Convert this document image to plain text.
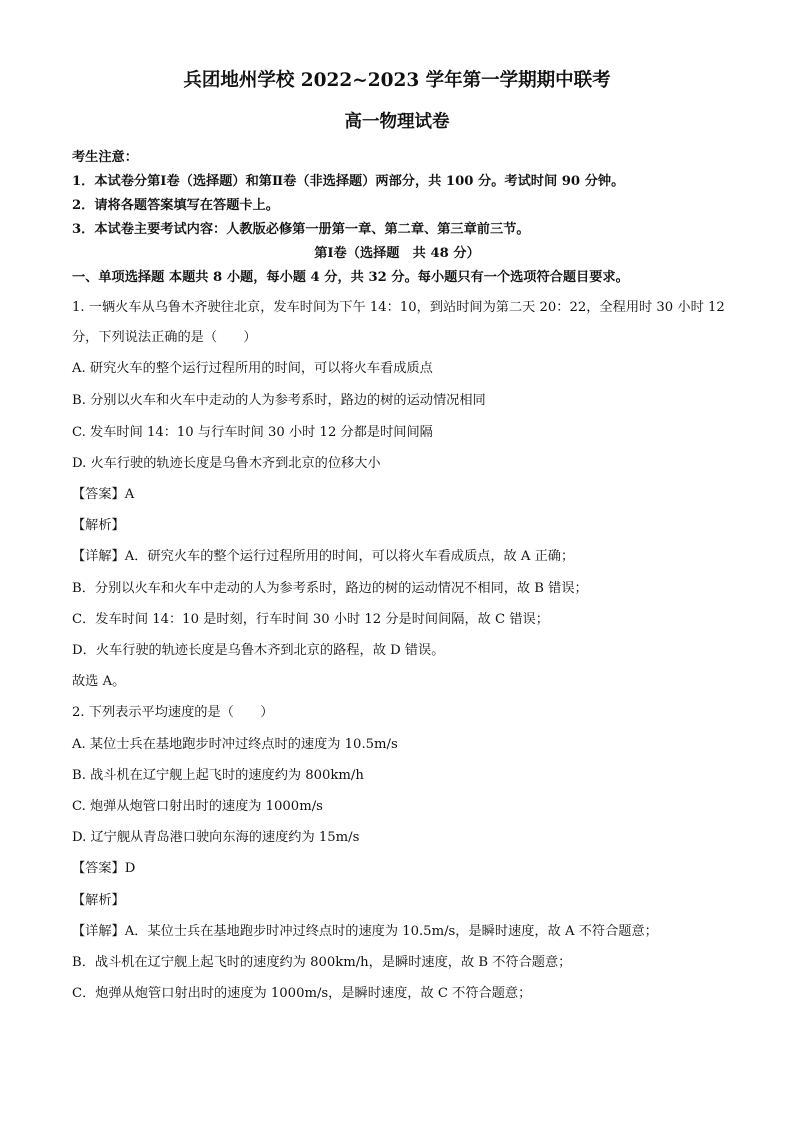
兵团地州学校 2022~2023 学年第一学期期中联考
高一物理试卷
考生注意：
1．本试卷分第Ⅰ卷（选择题）和第Ⅱ卷（非选择题）两部分，共 100 分。考试时间 90 分钟。
2．请将各题答案填写在答题卡上。
3．本试卷主要考试内容：人教版必修第一册第一章、第二章、第三章前三节。
第Ⅰ卷（选择题　共 48 分）
一、单项选择题 本题共 8 小题，每小题 4 分，共 32 分。每小题只有一个选项符合题目要求。
1. 一辆火车从乌鲁木齐驶往北京，发车时间为下午 14：10，到站时间为第二天 20：22，全程用时 30 小时 12
分，下列说法正确的是（　　）
A. 研究火车的整个运行过程所用的时间，可以将火车看成质点
B. 分别以火车和火车中走动的人为参考系时，路边的树的运动情况相同
C. 发车时间 14：10 与行车时间 30 小时 12 分都是时间间隔
D. 火车行驶的轨迹长度是乌鲁木齐到北京的位移大小
【答案】A
【解析】
【详解】A．研究火车的整个运行过程所用的时间，可以将火车看成质点，故 A 正确；
B．分别以火车和火车中走动的人为参考系时，路边的树的运动情况不相同，故 B 错误；
C．发车时间 14：10 是时刻，行车时间 30 小时 12 分是时间间隔，故 C 错误；
D．火车行驶的轨迹长度是乌鲁木齐到北京的路程，故 D 错误。
故选 A。
2. 下列表示平均速度的是（　　）
A. 某位士兵在基地跑步时冲过终点时的速度为 10.5m/s
B. 战斗机在辽宁舰上起飞时的速度约为 800km/h
C. 炮弹从炮管口射出时的速度为 1000m/s
D. 辽宁舰从青岛港口驶向东海的速度约为 15m/s
【答案】D
【解析】
【详解】A．某位士兵在基地跑步时冲过终点时的速度为 10.5m/s，是瞬时速度，故 A 不符合题意；
B．战斗机在辽宁舰上起飞时的速度约为 800km/h，是瞬时速度，故 B 不符合题意；
C．炮弹从炮管口射出时的速度为 1000m/s，是瞬时速度，故 C 不符合题意；
